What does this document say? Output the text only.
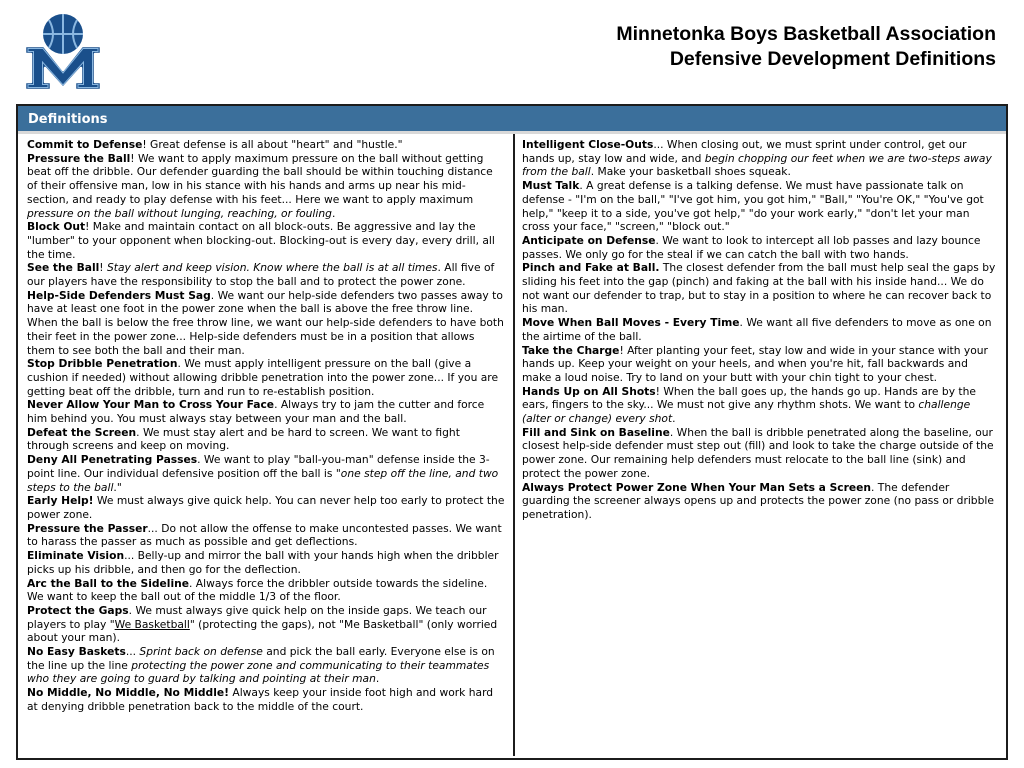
Minnetonka Boys Basketball Association
Defensive Development Definitions
Definitions

Commit to Defense! Great defense is all about "heart" and "hustle."

Pressure the Ball! We want to apply maximum pressure on the ball without getting beat off the dribble. Our defender guarding the ball should be within touching distance of their offensive man, low in his stance with his hands and arms up near his mid-section, and ready to play defense with his feet... Here we want to apply maximum pressure on the ball without lunging, reaching, or fouling.

Block Out! Make and maintain contact on all block-outs. Be aggressive and lay the "lumber" to your opponent when blocking-out. Blocking-out is every day, every drill, all the time.

See the Ball! Stay alert and keep vision. Know where the ball is at all times. All five of our players have the responsibility to stop the ball and to protect the power zone.

Help-Side Defenders Must Sag. We want our help-side defenders two passes away to have at least one foot in the power zone when the ball is above the free throw line. When the ball is below the free throw line, we want our help-side defenders to have both their feet in the power zone... Help-side defenders must be in a position that allows them to see both the ball and their man.

Stop Dribble Penetration. We must apply intelligent pressure on the ball (give a cushion if needed) without allowing dribble penetration into the power zone... If you are getting beat off the dribble, turn and run to re-establish position.

Never Allow Your Man to Cross Your Face. Always try to jam the cutter and force him behind you. You must always stay between your man and the ball.

Defeat the Screen. We must stay alert and be hard to screen. We want to fight through screens and keep on moving.

Deny All Penetrating Passes. We want to play "ball-you-man" defense inside the 3-point line. Our individual defensive position off the ball is "one step off the line, and two steps to the ball."

Early Help! We must always give quick help. You can never help too early to protect the power zone.

Pressure the Passer... Do not allow the offense to make uncontested passes. We want to harass the passer as much as possible and get deflections.

Eliminate Vision... Belly-up and mirror the ball with your hands high when the dribbler picks up his dribble, and then go for the deflection.

Arc the Ball to the Sideline. Always force the dribbler outside towards the sideline. We want to keep the ball out of the middle 1/3 of the floor.

Protect the Gaps. We must always give quick help on the inside gaps. We teach our players to play "We Basketball" (protecting the gaps), not "Me Basketball" (only worried about your man).

No Easy Baskets... Sprint back on defense and pick the ball early. Everyone else is on the line up the line protecting the power zone and communicating to their teammates who they are going to guard by talking and pointing at their man.

No Middle, No Middle, No Middle! Always keep your inside foot high and work hard at denying dribble penetration back to the middle of the court.

Intelligent Close-Outs... When closing out, we must sprint under control, get our hands up, stay low and wide, and begin chopping our feet when we are two-steps away from the ball. Make your basketball shoes squeak.

Must Talk. A great defense is a talking defense. We must have passionate talk on defense - "I'm on the ball," "I've got him, you got him," "Ball," "You're OK," "You've got help," "keep it to a side, you've got help," "do your work early," "don't let your man cross your face," "screen," "block out."

Anticipate on Defense. We want to look to intercept all lob passes and lazy bounce passes. We only go for the steal if we can catch the ball with two hands.

Pinch and Fake at Ball. The closest defender from the ball must help seal the gaps by sliding his feet into the gap (pinch) and faking at the ball with his inside hand... We do not want our defender to trap, but to stay in a position to where he can recover back to his man.

Move When Ball Moves - Every Time. We want all five defenders to move as one on the airtime of the ball.

Take the Charge! After planting your feet, stay low and wide in your stance with your hands up. Keep your weight on your heels, and when you're hit, fall backwards and make a loud noise. Try to land on your butt with your chin tight to your chest.

Hands Up on All Shots! When the ball goes up, the hands go up. Hands are by the ears, fingers to the sky... We must not give any rhythm shots. We want to challenge (alter or change) every shot.

Fill and Sink on Baseline. When the ball is dribble penetrated along the baseline, our closest help-side defender must step out (fill) and look to take the charge outside of the power zone. Our remaining help defenders must relocate to the ball line (sink) and protect the power zone.

Always Protect Power Zone When Your Man Sets a Screen. The defender guarding the screener always opens up and protects the power zone (no pass or dribble penetration).
